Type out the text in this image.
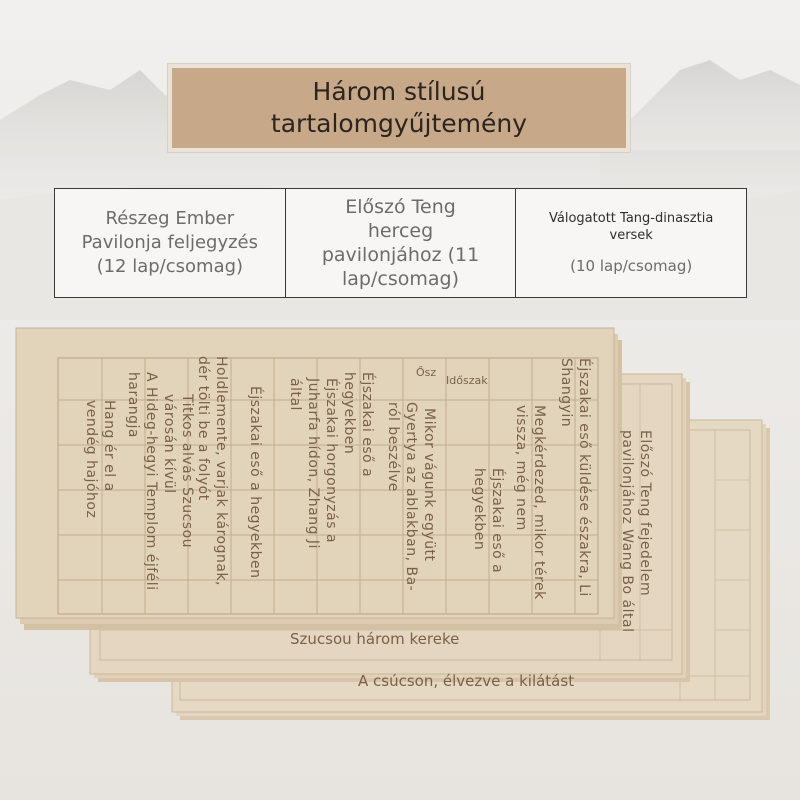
Három stílusú
tartalomgyűjtemény
Részeg Ember Pavilonja feljegyzés (12 lap/csomag)
Előszó Teng herceg pavilonjához (11 lap/csomag)
Válogatott Tang-dinasztia versek
(10 lap/csomag)
Éjszakai eső küldése északra, Li Shangyin
Megkérdezed, mikor térek vissza, még nem
Éjszakai eső a hegyekben
Mikor vágunk együtt
Gyertya az ablakban, Ba-ról beszélve
Éjszakai eső a hegyekben
Éjszakai horgonyzás a Juharfa hídon, Zhang Ji által
Éjszakai eső a hegyekben
Holdlemente, varjak kárognak, dér tölti be a folyót
Titkos alvás Szucsou városán kívül
A Hideg-hegyi Templom éjféli harangja
Hang ér el a vendég hajóhoz
Ősz
Időszak
Szucsou három kereke
Előszó Teng fejedelem pavilonjához Wang Bo által
A csúcson, élvezve a kilátást
